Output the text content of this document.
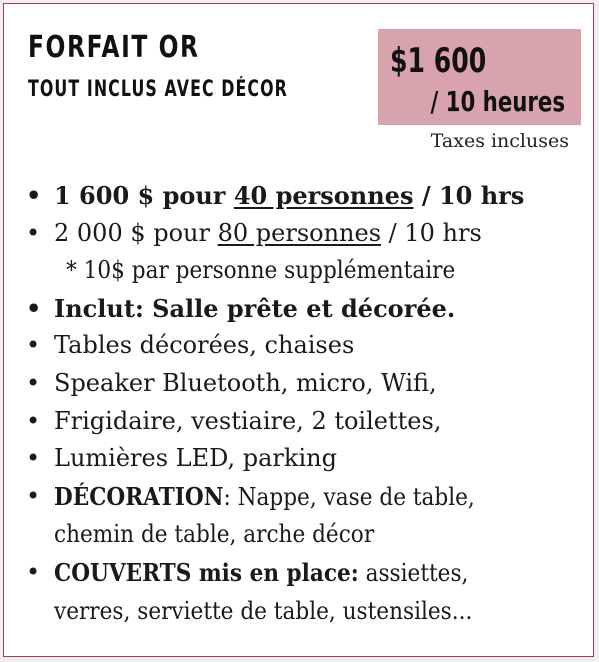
FORFAIT OR
TOUT INCLUS AVEC DÉCOR
$1 600
/ 10 heures
Taxes incluses
• 1 600 $ pour 40 personnes / 10 hrs
• 2 000 $ pour 80 personnes / 10 hrs
* 10$ par personne supplémentaire
• Inclut: Salle prête et décorée.
• Tables décorées, chaises
• Speaker Bluetooth, micro, Wifi,
• Frigidaire, vestiaire, 2 toilettes,
• Lumières LED, parking
• DÉCORATION: Nappe, vase de table,
chemin de table, arche décor
• COUVERTS mis en place: assiettes,
verres, serviette de table, ustensiles...
